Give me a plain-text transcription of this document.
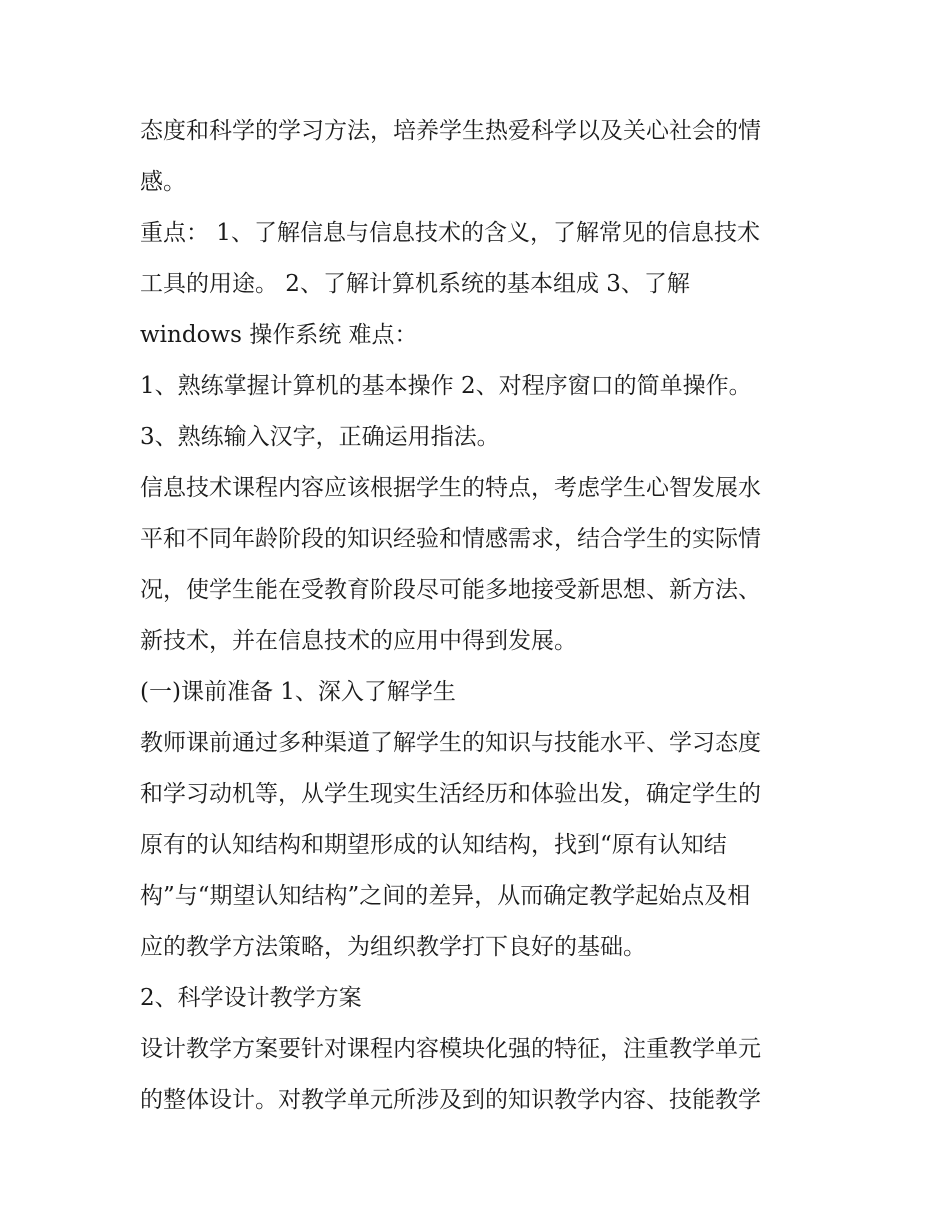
态度和科学的学习方法，培养学生热爱科学以及关心社会的情
感。
重点： 1、了解信息与信息技术的含义，了解常见的信息技术
工具的用途。 2、了解计算机系统的基本组成 3、了解
windows 操作系统 难点：
1、熟练掌握计算机的基本操作 2、对程序窗口的简单操作。
3、熟练输入汉字，正确运用指法。
信息技术课程内容应该根据学生的特点，考虑学生心智发展水
平和不同年龄阶段的知识经验和情感需求，结合学生的实际情
况，使学生能在受教育阶段尽可能多地接受新思想、新方法、
新技术，并在信息技术的应用中得到发展。
(一)课前准备 1、深入了解学生
教师课前通过多种渠道了解学生的知识与技能水平、学习态度
和学习动机等，从学生现实生活经历和体验出发，确定学生的
原有的认知结构和期望形成的认知结构，找到“原有认知结
构”与“期望认知结构”之间的差异，从而确定教学起始点及相
应的教学方法策略，为组织教学打下良好的基础。
2、科学设计教学方案
设计教学方案要针对课程内容模块化强的特征，注重教学单元
的整体设计。对教学单元所涉及到的知识教学内容、技能教学
